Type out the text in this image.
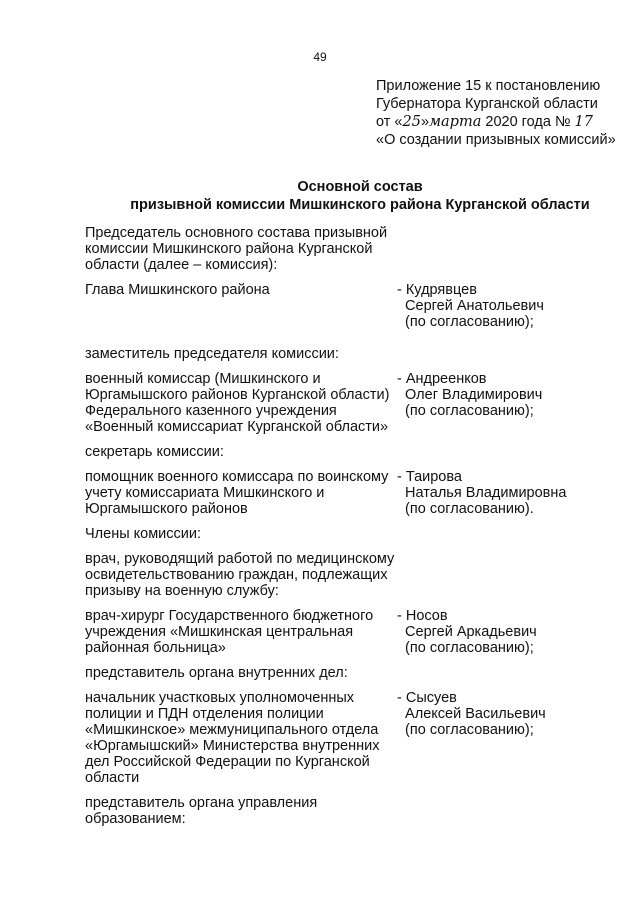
49
Приложение 15 к постановлению
Губернатора Курганской области
от «25»марта 2020 года № 17
«О создании призывных комиссий»
Основной состав
призывной комиссии Мишкинского района Курганской области
Председатель основного состава призывной
комиссии Мишкинского района Курганской
области (далее – комиссия):
Глава Мишкинского района	- Кудрявцев
Сергей Анатольевич
(по согласованию);
заместитель председателя комиссии:
военный комиссар (Мишкинского и
Юргамышского районов Курганской области)
Федерального казенного учреждения
«Военный комиссариат Курганской области»
- Андреенков
Олег Владимирович
(по согласованию);
секретарь комиссии:
помощник военного комиссара по воинскому
учету комиссариата Мишкинского и
Юргамышского районов
- Таирова
Наталья Владимировна
(по согласованию).
Члены комиссии:
врач, руководящий работой по медицинскому
освидетельствованию граждан, подлежащих
призыву на военную службу:
врач-хирург Государственного бюджетного
учреждения «Мишкинская центральная
районная больница»
- Носов
Сергей Аркадьевич
(по согласованию);
представитель органа внутренних дел:
начальник участковых уполномоченных
полиции и ПДН отделения полиции
«Мишкинское» межмуниципального отдела
«Юргамышский» Министерства внутренних
дел Российской Федерации по Курганской
области
- Сысуев
Алексей Васильевич
(по согласованию);
представитель органа управления
образованием:
